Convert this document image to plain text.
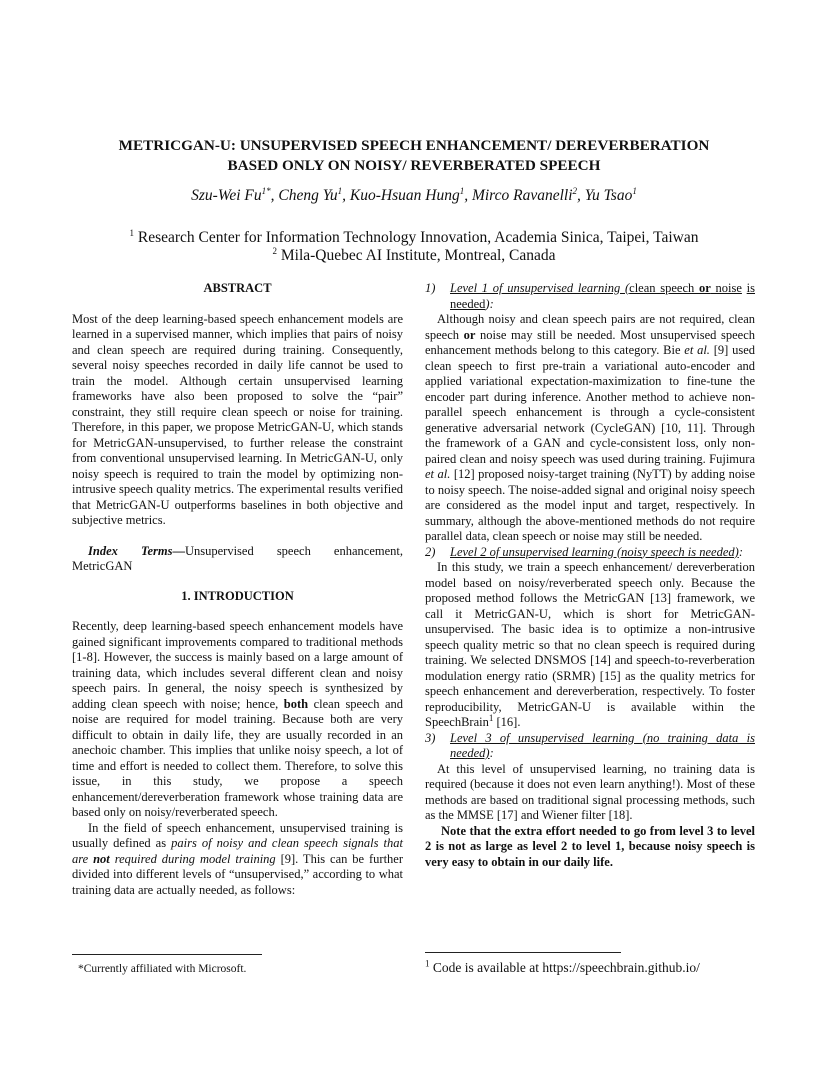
METRICGAN-U: UNSUPERVISED SPEECH ENHANCEMENT/ DEREVERBERATION
BASED ONLY ON NOISY/ REVERBERATED SPEECH
Szu-Wei $Fu^{1*}$, Cheng Yu$^1$, Kuo-Hsuan Hung$^1$, Mirco Ravanelli$^2$, Yu Tsao$^1$
$^1$ Research Center for Information Technology Innovation, Academia Sinica, Taipei, Taiwan
$^2$ Mila-Quebec AI Institute, Montreal, Canada

ABSTRACT

Most of the deep learning-based speech enhancement models are learned in a supervised manner, which implies that pairs of noisy and clean speech are required during training. Consequently, several noisy speeches recorded in daily life cannot be used to train the model. Although certain unsupervised learning frameworks have also been proposed to solve the “pair” constraint, they still require clean speech or noise for training. Therefore, in this paper, we propose MetricGAN-U, which stands for MetricGAN-unsupervised, to further release the constraint from conventional unsupervised learning. In MetricGAN-U, only noisy speech is required to train the model by optimizing non-intrusive speech quality metrics. The experimental results verified that MetricGAN-U outperforms baselines in both objective and subjective metrics.

Index Terms—Unsupervised speech enhancement, MetricGAN

1. INTRODUCTION

Recently, deep learning-based speech enhancement models have gained significant improvements compared to traditional methods [1-8]. However, the success is mainly based on a large amount of training data, which includes several different clean and noisy speech pairs. In general, the noisy speech is synthesized by adding clean speech with noise; hence, both clean speech and noise are required for model training. Because both are very difficult to obtain in daily life, they are usually recorded in an anechoic chamber. This implies that unlike noisy speech, a lot of time and effort is needed to collect them. Therefore, to solve this issue, in this study, we propose a speech enhancement/dereverberation framework whose training data are based only on noisy/reverberated speech.

In the field of speech enhancement, unsupervised training is usually defined as pairs of noisy and clean speech signals that are not required during model training [9]. This can be further divided into different levels of “unsupervised,” according to what training data are actually needed, as follows:

*Currently affiliated with Microsoft.
1)	Level 1 of unsupervised learning (clean speech or noise is needed):

Although noisy and clean speech pairs are not required, clean speech or noise may still be needed. Most unsupervised speech enhancement methods belong to this category. Bie et al. [9] used clean speech to first pre-train a variational auto-encoder and applied variational expectation-maximization to fine-tune the encoder part during inference. Another method to achieve non-parallel speech enhancement is through a cycle-consistent generative adversarial network (CycleGAN) [10, 11]. Through the framework of a GAN and cycle-consistent loss, only non-paired clean and noisy speech was used during training. Fujimura et al. [12] proposed noisy-target training (NyTT) by adding noise to noisy speech. The noise-added signal and original noisy speech are considered as the model input and target, respectively. In summary, although the above-mentioned methods do not require parallel data, clean speech or noise may still be needed.

2)	Level 2 of unsupervised learning (noisy speech is needed):

In this study, we train a speech enhancement/ dereverberation model based on noisy/reverberated speech only. Because the proposed method follows the MetricGAN [13] framework, we call it MetricGAN-U, which is short for MetricGAN-unsupervised. The basic idea is to optimize a non-intrusive speech quality metric so that no clean speech is required during training. We selected DNSMOS [14] and speech-to-reverberation modulation energy ratio (SRMR) [15] as the quality metrics for speech enhancement and dereverberation, respectively. To foster reproducibility, MetricGAN-U is available within the SpeechBrain$^1$ [16].

3)	Level 3 of unsupervised learning (no training data is needed):

At this level of unsupervised learning, no training data is required (because it does not even learn anything!). Most of these methods are based on traditional signal processing methods, such as the MMSE [17] and Wiener filter [18].

Note that the extra effort needed to go from level 3 to level 2 is not as large as level 2 to level 1, because noisy speech is very easy to obtain in our daily life.

$^1$ Code is available at https://speechbrain.github.io/
